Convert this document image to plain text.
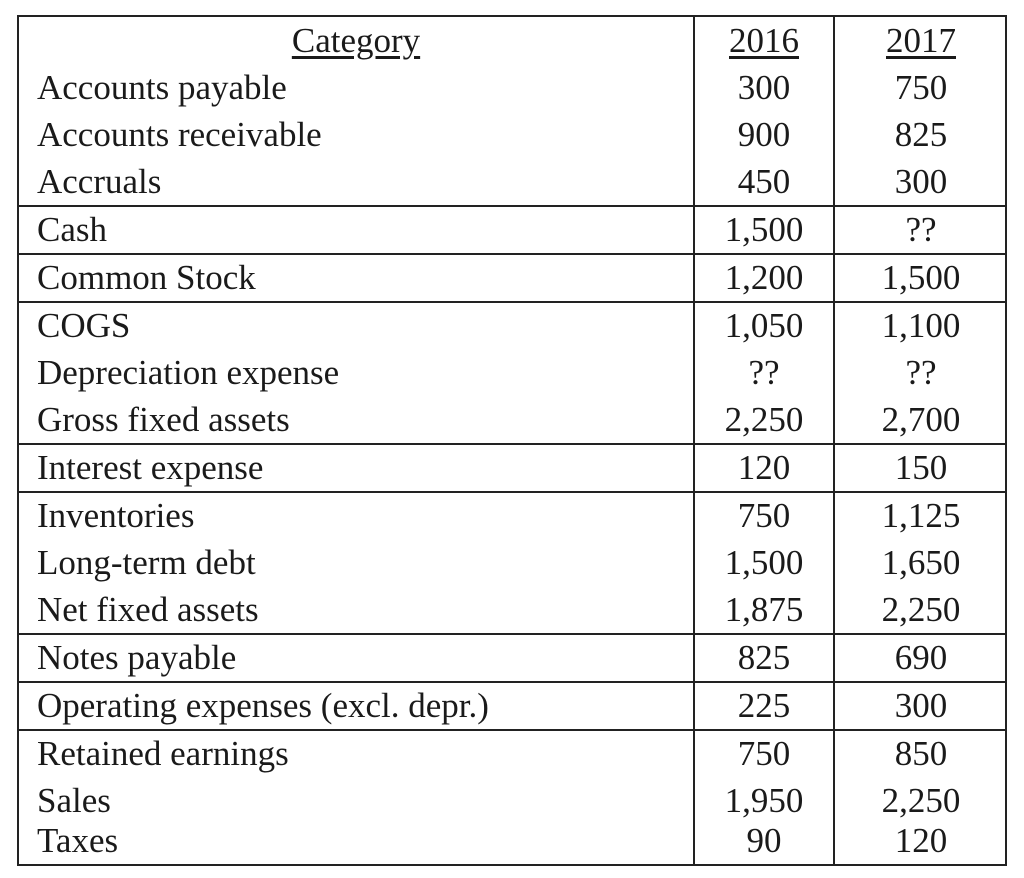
Category	2016	2017
Accounts payable	300	750
Accounts receivable	900	825
Accruals	450	300
Cash	1,500	??
Common Stock	1,200	1,500
COGS	1,050	1,100
Depreciation expense	??	??
Gross fixed assets	2,250	2,700
Interest expense	120	150
Inventories	750	1,125
Long-term debt	1,500	1,650
Net fixed assets	1,875	2,250
Notes payable	825	690
Operating expenses (excl. depr.)	225	300
Retained earnings	750	850
Sales	1,950	2,250
Taxes	90	120
